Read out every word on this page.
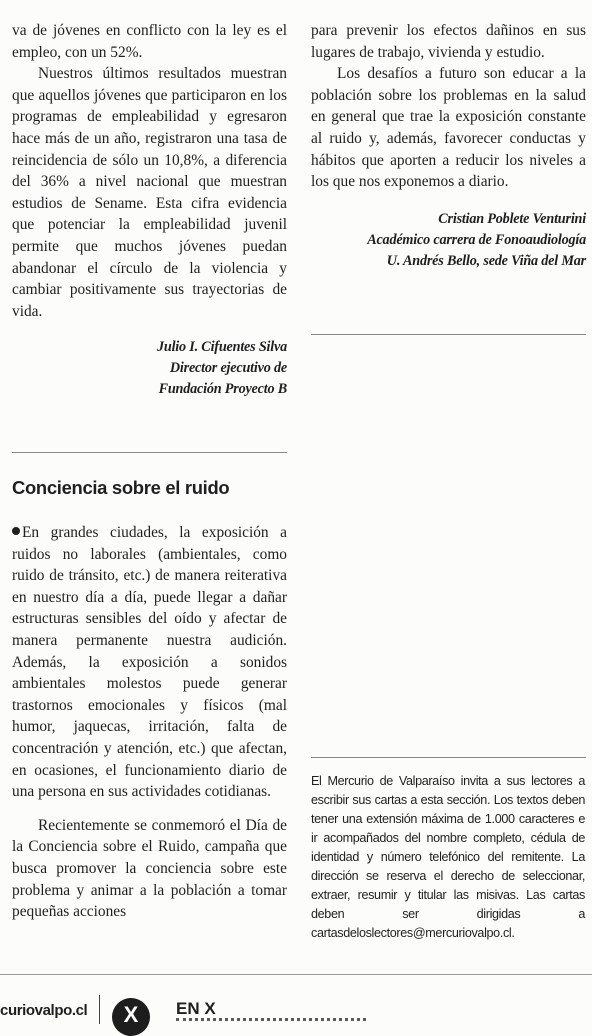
va de jóvenes en conflicto con la ley es el empleo, con un 52%.

Nuestros últimos resultados muestran que aquellos jóvenes que participaron en los programas de empleabilidad y egresaron hace más de un año, registraron una tasa de reincidencia de sólo un 10,8%, a diferencia del 36% a nivel nacional que muestran estudios de Sename. Esta cifra evidencia que potenciar la empleabilidad juvenil permite que muchos jóvenes puedan abandonar el círculo de la violencia y cambiar positivamente sus trayectorias de vida.

Julio I. Cifuentes Silva
Director ejecutivo de
Fundación Proyecto B
Conciencia sobre el ruido

En grandes ciudades, la exposición a ruidos no laborales (ambientales, como ruido de tránsito, etc.) de manera reiterativa en nuestro día a día, puede llegar a dañar estructuras sensibles del oído y afectar de manera permanente nuestra audición. Además, la exposición a sonidos ambientales molestos puede generar trastornos emocionales y físicos (mal humor, jaquecas, irritación, falta de concentración y atención, etc.) que afectan, en ocasiones, el funcionamiento diario de una persona en sus actividades cotidianas.

Recientemente se conmemoró el Día de la Conciencia sobre el Ruido, campaña que busca promover la conciencia sobre este problema y animar a la población a tomar pequeñas acciones

para prevenir los efectos dañinos en sus lugares de trabajo, vivienda y estudio.

Los desafíos a futuro son educar a la población sobre los problemas en la salud en general que trae la exposición constante al ruido y, además, favorecer conductas y hábitos que aporten a reducir los niveles a los que nos exponemos a diario.

Cristian Poblete Venturini
Académico carrera de Fonoaudiología
U. Andrés Bello, sede Viña del Mar

El Mercurio de Valparaíso invita a sus lectores a escribir sus cartas a esta sección. Los textos deben tener una extensión máxima de 1.000 caracteres e ir acompañados del nombre completo, cédula de identidad y número telefónico del remitente. La dirección se reserva el derecho de seleccionar, extraer, resumir y titular las misivas. Las cartas deben ser dirigidas a cartasdeloslectores@mercuriovalpo.cl.

curiovalpo.cl	X	EN X
